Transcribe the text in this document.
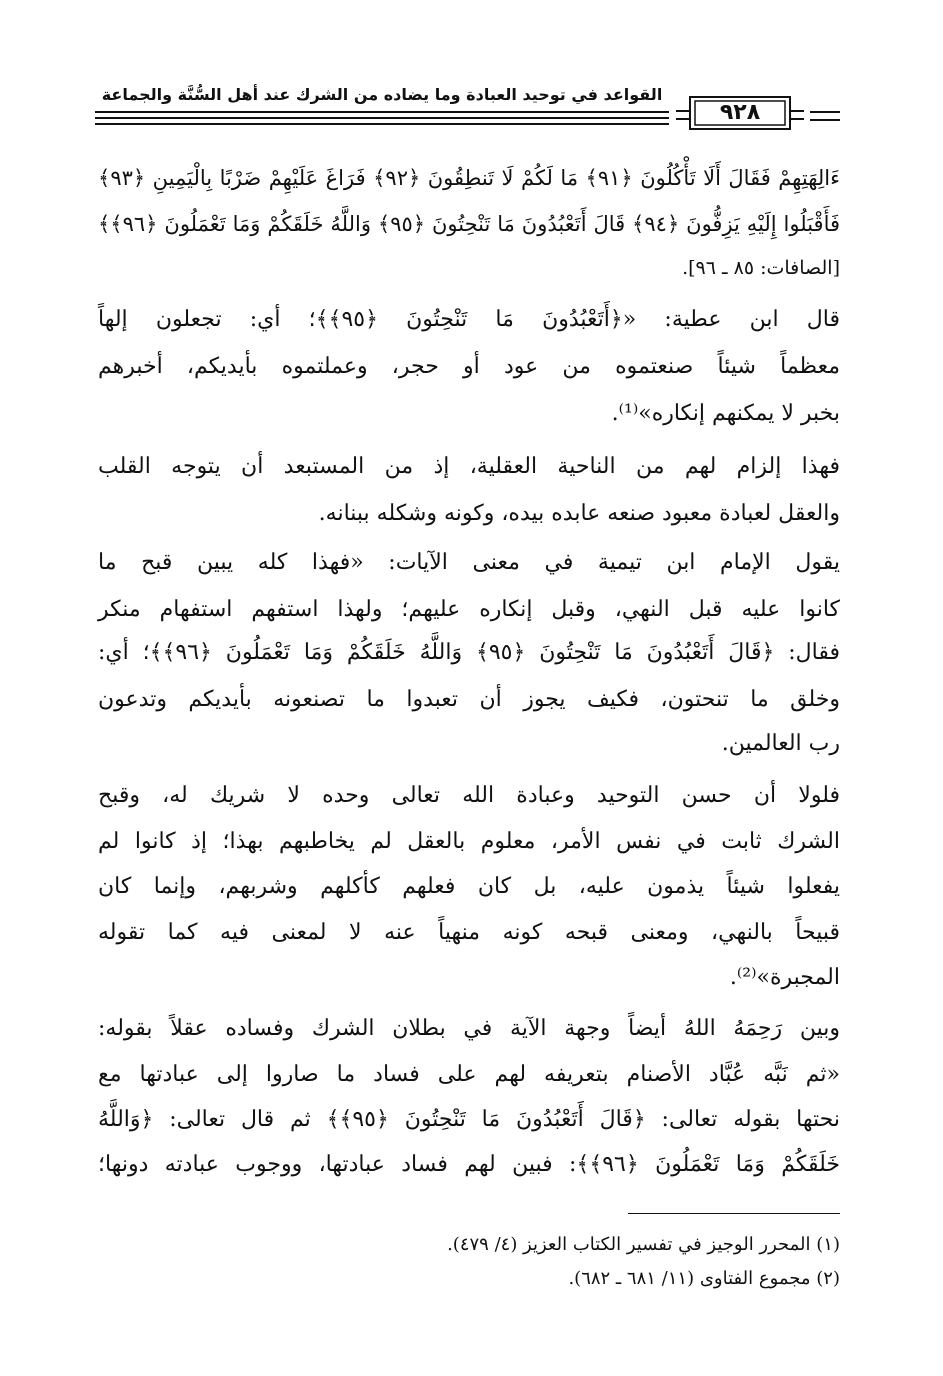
٩٢٨
القواعد في توحيد العبادة وما يضاده من الشرك عند أهل السُّنَّة والجماعة
ءَالِهَتِهِمْ فَقَالَ أَلَا تَأْكُلُونَ ﴿٩١﴾ مَا لَكُمْ لَا تَنطِقُونَ ﴿٩٢﴾ فَرَاغَ عَلَيْهِمْ ضَرْبًا بِالْيَمِينِ ﴿٩٣﴾
فَأَقْبَلُوا إِلَيْهِ يَزِفُّونَ ﴿٩٤﴾ قَالَ أَتَعْبُدُونَ مَا تَنْحِتُونَ ﴿٩٥﴾ وَاللَّهُ خَلَقَكُمْ وَمَا تَعْمَلُونَ ﴿٩٦﴾﴾
[الصافات: ٨٥ ـ ٩٦].
قال ابن عطية: «﴿أَتَعْبُدُونَ مَا تَنْحِتُونَ ﴿٩٥﴾﴾؛ أي: تجعلون إلهاً
معظماً شيئاً صنعتموه من عود أو حجر، وعملتموه بأيديكم، أخبرهم
بخبر لا يمكنهم إنكاره»⁽¹⁾.
فهذا إلزام لهم من الناحية العقلية، إذ من المستبعد أن يتوجه القلب
والعقل لعبادة معبود صنعه عابده بيده، وكونه وشكله ببنانه.
يقول الإمام ابن تيمية في معنى الآيات: «فهذا كله يبين قبح ما
كانوا عليه قبل النهي، وقبل إنكاره عليهم؛ ولهذا استفهم استفهام منكر
فقال: ﴿قَالَ أَتَعْبُدُونَ مَا تَنْحِتُونَ ﴿٩٥﴾ وَاللَّهُ خَلَقَكُمْ وَمَا تَعْمَلُونَ ﴿٩٦﴾﴾؛ أي:
وخلق ما تنحتون، فكيف يجوز أن تعبدوا ما تصنعونه بأيديكم وتدعون
رب العالمين.
فلولا أن حسن التوحيد وعبادة الله تعالى وحده لا شريك له، وقبح
الشرك ثابت في نفس الأمر، معلوم بالعقل لم يخاطبهم بهذا؛ إذ كانوا لم
يفعلوا شيئاً يذمون عليه، بل كان فعلهم كأكلهم وشربهم، وإنما كان
قبيحاً بالنهي، ومعنى قبحه كونه منهياً عنه لا لمعنى فيه كما تقوله
المجبرة»⁽²⁾.
وبين رَحِمَهُ اللهُ أيضاً وجهة الآية في بطلان الشرك وفساده عقلاً بقوله:
«ثم نَبَّه عُبَّاد الأصنام بتعريفه لهم على فساد ما صاروا إلى عبادتها مع
نحتها بقوله تعالى: ﴿قَالَ أَتَعْبُدُونَ مَا تَنْحِتُونَ ﴿٩٥﴾﴾ ثم قال تعالى: ﴿وَاللَّهُ
خَلَقَكُمْ وَمَا تَعْمَلُونَ ﴿٩٦﴾﴾: فبين لهم فساد عبادتها، ووجوب عبادته دونها؛
(١) المحرر الوجيز في تفسير الكتاب العزيز (٤/ ٤٧٩).
(٢) مجموع الفتاوى (١١/ ٦٨١ ـ ٦٨٢).
